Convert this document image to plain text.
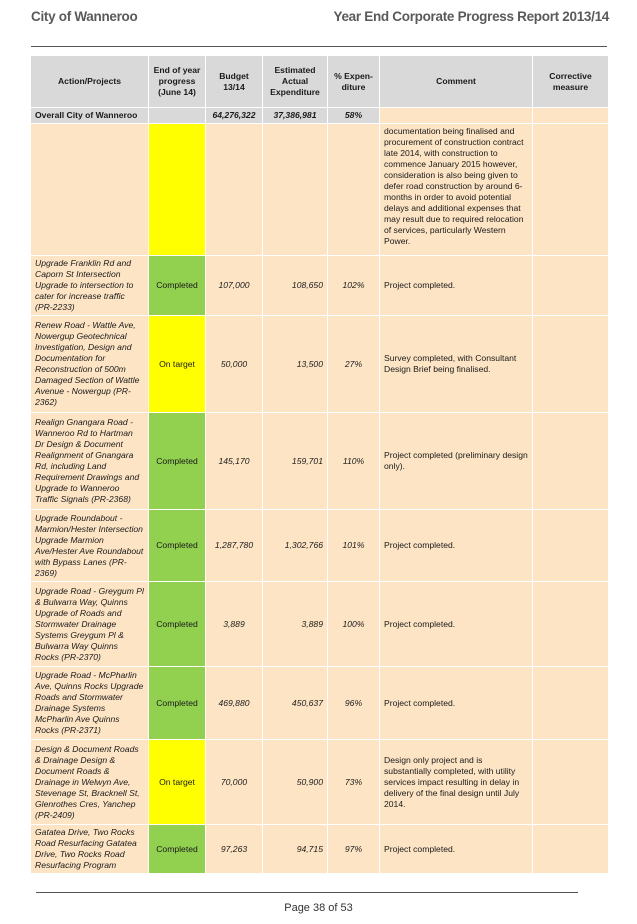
City of Wanneroo	Year End Corporate Progress Report 2013/14
Action/Projects	End of year progress (June 14)	Budget 13/14	Estimated Actual Expenditure	% Expen-diture	Comment	Corrective measure
Overall City of Wanneroo		64,276,322	37,386,981	58%		
					documentation being finalised and procurement of construction contract late 2014, with construction to commence January 2015 however, consideration is also being given to defer road construction by around 6-months in order to avoid potential delays and additional expenses that may result due to required relocation of services, particularly Western Power.	
Upgrade Franklin Rd and Caporn St Intersection Upgrade to intersection to cater for increase traffic (PR-2233)	Completed	107,000	108,650	102%	Project completed.	
Renew Road - Wattle Ave, Nowergup Geotechnical Investigation, Design and Documentation for Reconstruction of 500m Damaged Section of Wattle Avenue - Nowergup (PR-2362)	On target	50,000	13,500	27%	Survey completed, with Consultant Design Brief being finalised.	
Realign Gnangara Road - Wanneroo Rd to Hartman Dr Design & Document Realignment of Gnangara Rd, including Land Requirement Drawings and Upgrade to Wanneroo Traffic Signals (PR-2368)	Completed	145,170	159,701	110%	Project completed (preliminary design only).	
Upgrade Roundabout - Marmion/Hester Intersection Upgrade Marmion Ave/Hester Ave Roundabout with Bypass Lanes (PR-2369)	Completed	1,287,780	1,302,766	101%	Project completed.	
Upgrade Road - Greygum Pl & Bulwarra Way, Quinns Upgrade of Roads and Stormwater Drainage Systems Greygum Pl & Bulwarra Way Quinns Rocks (PR-2370)	Completed	3,889	3,889	100%	Project completed.	
Upgrade Road - McPharlin Ave, Quinns Rocks Upgrade Roads and Stormwater Drainage Systems McPharlin Ave Quinns Rocks (PR-2371)	Completed	469,880	450,637	96%	Project completed.	
Design & Document Roads & Drainage Design & Document Roads & Drainage in Welwyn Ave, Stevenage St, Bracknell St, Glenrothes Cres, Yanchep (PR-2409)	On target	70,000	50,900	73%	Design only project and is substantially completed, with utility services impact resulting in delay in delivery of the final design until July 2014.	
Gatatea Drive, Two Rocks Road Resurfacing Gatatea Drive, Two Rocks Road Resurfacing Program	Completed	97,263	94,715	97%	Project completed.	
Page 38 of 53
